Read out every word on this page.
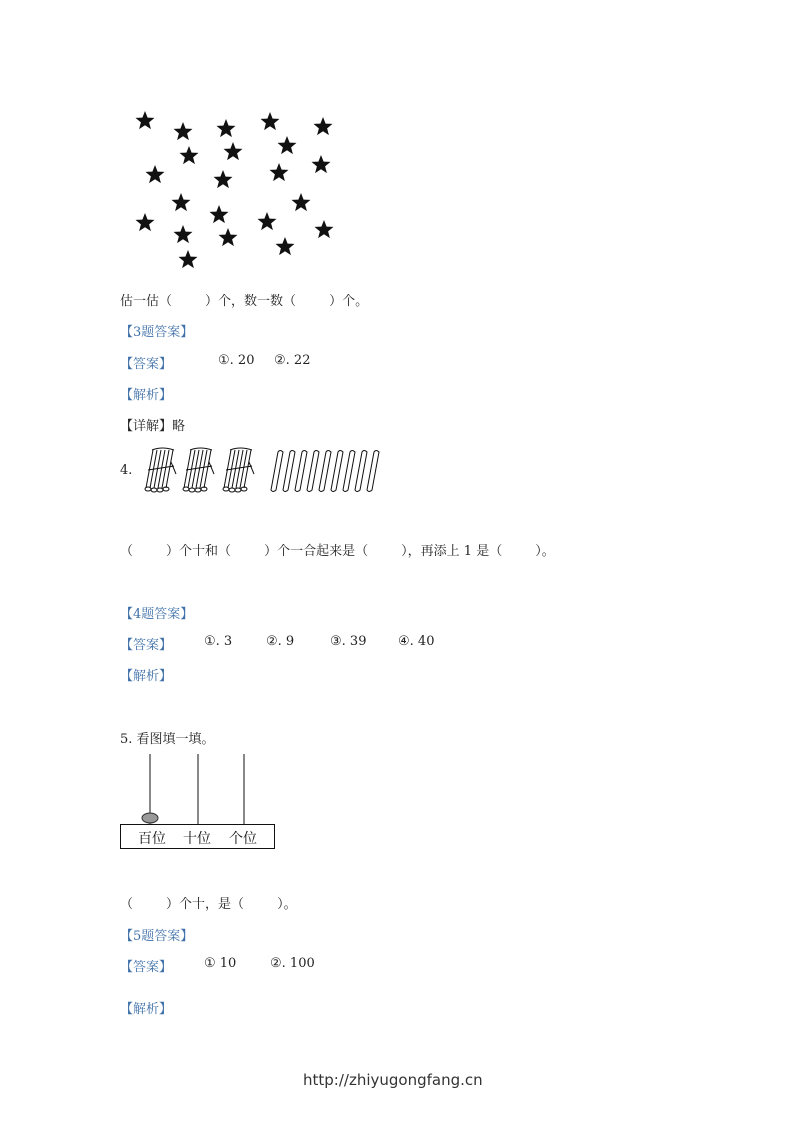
估一估（        ）个，数一数（        ）个。
【3题答案】
【答案】	①. 20 ②. 22
【解析】
【详解】略
4.
（        ）个十和（        ）个一合起来是（        ），再添上 1 是（        ）。
【4题答案】
【答案】 ①. 3	②. 9	③. 39 ④. 40
【解析】
5. 看图填一填。
百位 十位 个位
（        ）个十，是（        ）。
【5题答案】
【答案】 ① 10	②. 100
【解析】
http://zhiyugongfang.cn
